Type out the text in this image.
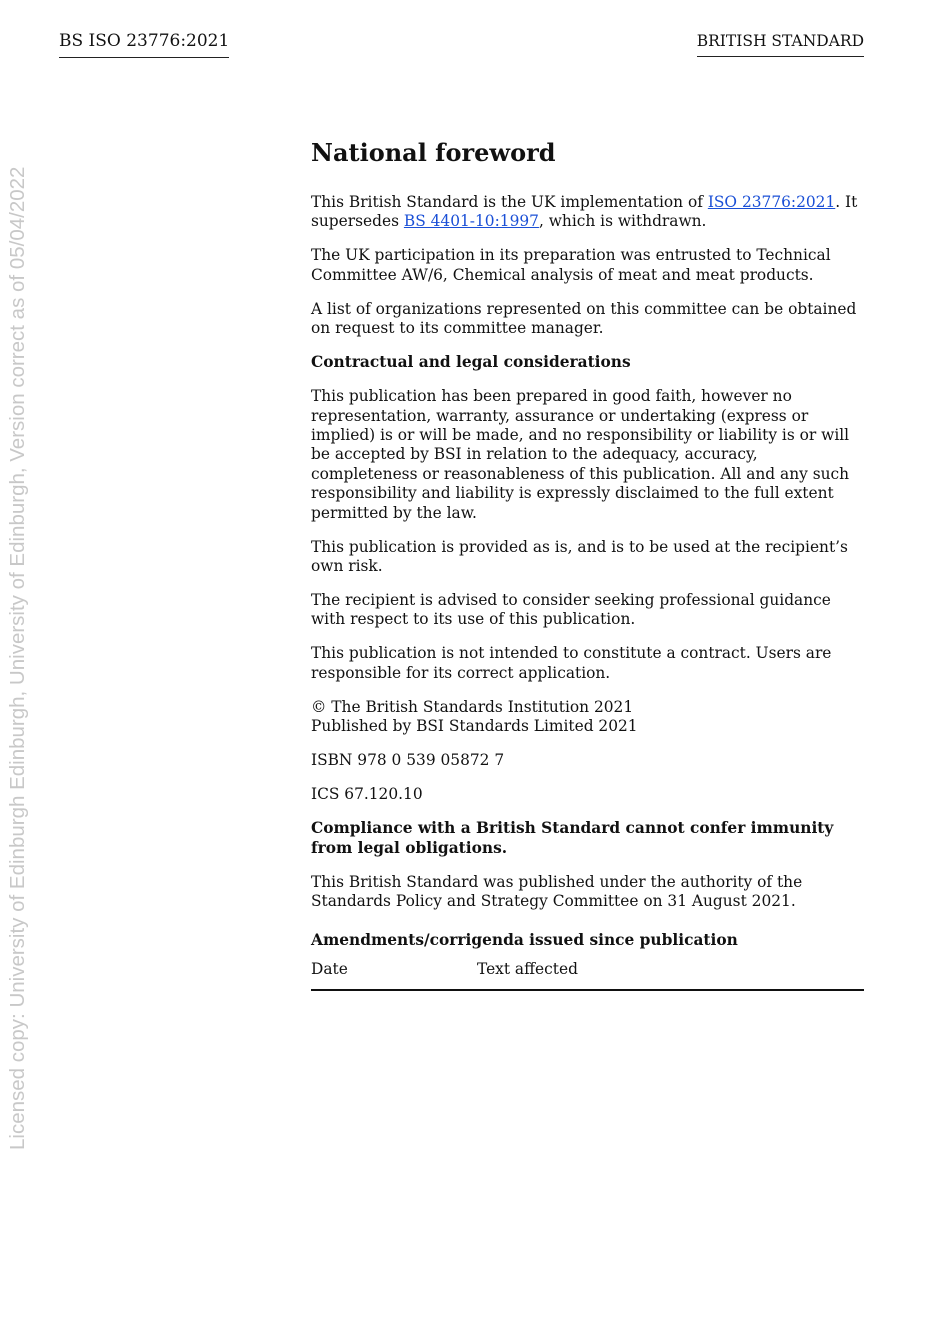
BS ISO 23776:2021	BRITISH STANDARD
Licensed copy: University of Edinburgh Edinburgh, University of Edinburgh, Version correct as of 05/04/2022
National foreword

This British Standard is the UK implementation of ISO 23776:2021. It supersedes BS 4401-10:1997, which is withdrawn.

The UK participation in its preparation was entrusted to Technical Committee AW/6, Chemical analysis of meat and meat products.

A list of organizations represented on this committee can be obtained on request to its committee manager.

Contractual and legal considerations

This publication has been prepared in good faith, however no representation, warranty, assurance or undertaking (express or implied) is or will be made, and no responsibility or liability is or will be accepted by BSI in relation to the adequacy, accuracy, completeness or reasonableness of this publication. All and any such responsibility and liability is expressly disclaimed to the full extent permitted by the law.

This publication is provided as is, and is to be used at the recipient’s own risk.

The recipient is advised to consider seeking professional guidance with respect to its use of this publication.

This publication is not intended to constitute a contract. Users are responsible for its correct application.

© The British Standards Institution 2021
Published by BSI Standards Limited 2021

ISBN 978 0 539 05872 7

ICS 67.120.10

Compliance with a British Standard cannot confer immunity from legal obligations.

This British Standard was published under the authority of the Standards Policy and Strategy Committee on 31 August 2021.

Amendments/corrigenda issued since publication
Date	Text affected
